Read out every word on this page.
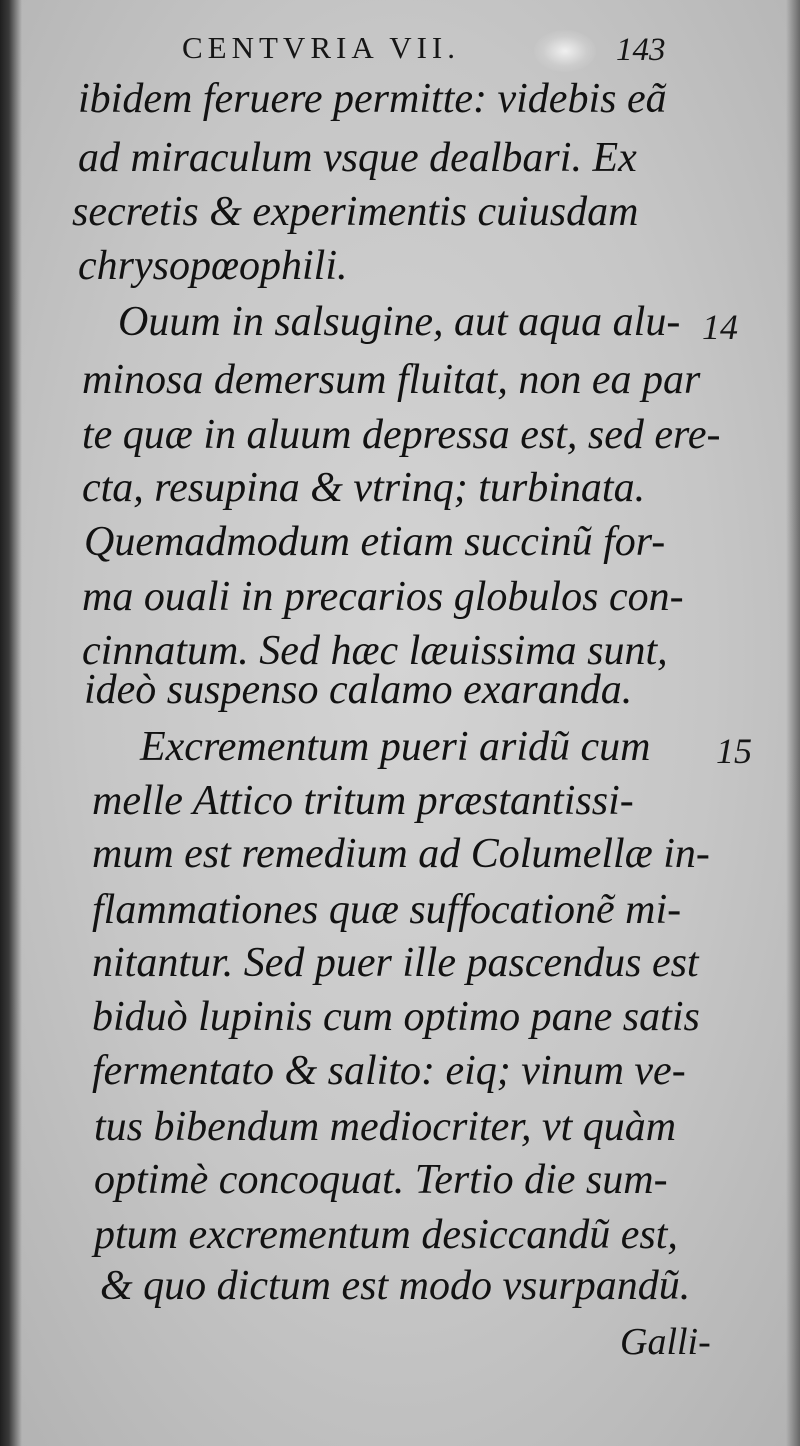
CENTVRIA VII.	143
ibidem feruere permitte: videbis eã
ad miraculum vsque dealbari. Ex
secretis & experimentis cuiusdam
chrysopœophili.
Ouum in salsugine, aut aqua alu- 14
minosa demersum fluitat, non ea par
te quæ in aluum depressa est, sed ere-
cta, resupina & vtrinq; turbinata.
Quemadmodum etiam succinũ for-
ma ouali in precarios globulos con-
cinnatum. Sed hæc læuissima sunt,
ideò suspenso calamo exaranda.
Excrementum pueri aridũ cum 15
melle Attico tritum præstantissi-
mum est remedium ad Columellæ in-
flammationes quæ suffocationẽ mi-
nitantur. Sed puer ille pascendus est
biduò lupinis cum optimo pane satis
fermentato & salito: eiq; vinum ve-
tus bibendum mediocriter, vt quàm
optimè concoquat. Tertio die sum-
ptum excrementum desiccandũ est,
& quo dictum est modo vsurpandũ.
Galli-
